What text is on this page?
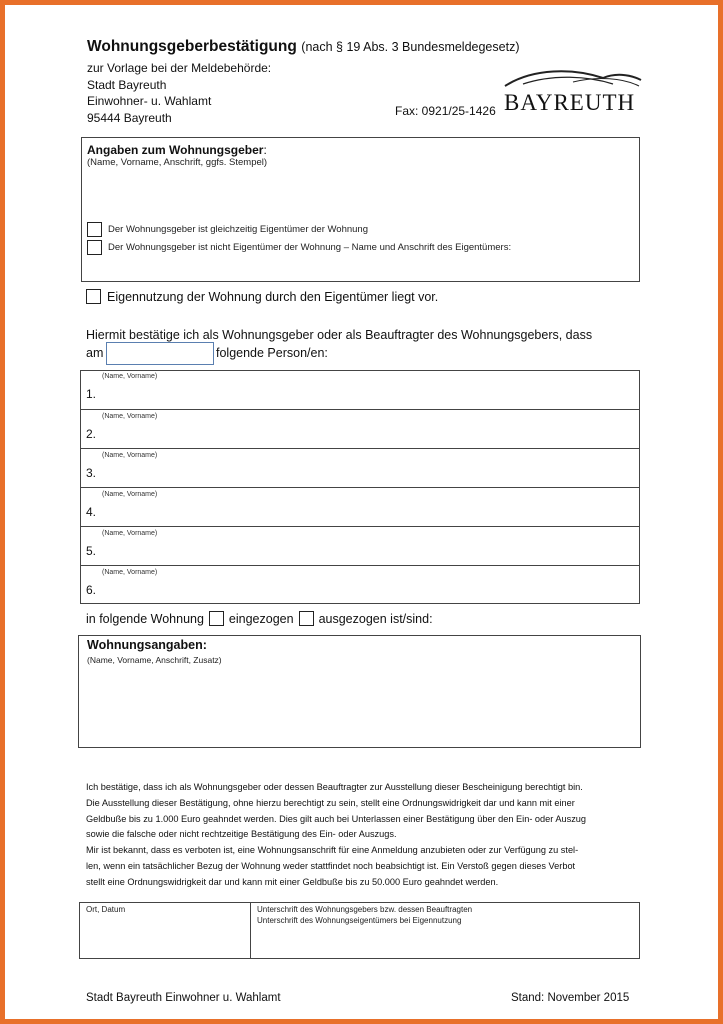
Wohnungsgeberbestätigung (nach § 19 Abs. 3 Bundesmeldegesetz)
zur Vorlage bei der Meldebehörde:
Stadt Bayreuth
Einwohner- u. Wahlamt
95444 Bayreuth	Fax: 0921/25-1426 BAYREUTH
Angaben zum Wohnungsgeber:
(Name, Vorname, Anschrift, ggfs. Stempel)
Der Wohnungsgeber ist gleichzeitig Eigentümer der Wohnung
Der Wohnungsgeber ist nicht Eigentümer der Wohnung – Name und Anschrift des Eigentümers:
Eigennutzung der Wohnung durch den Eigentümer liegt vor.
Hiermit bestätige ich als Wohnungsgeber oder als Beauftragter des Wohnungsgebers, dass
am	folgende Person/en:
(Name, Vorname)
1.
(Name, Vorname)
2.
(Name, Vorname)
3.
(Name, Vorname)
4.
(Name, Vorname)
5.
(Name, Vorname)
6.
in folgende Wohnung eingezogen ausgezogen ist/sind:
Wohnungsangaben:
(Name, Vorname, Anschrift, Zusatz)
Ich bestätige, dass ich als Wohnungsgeber oder dessen Beauftragter zur Ausstellung dieser Bescheinigung berechtigt bin.
Die Ausstellung dieser Bestätigung, ohne hierzu berechtigt zu sein, stellt eine Ordnungswidrigkeit dar und kann mit einer
Geldbuße bis zu 1.000 Euro geahndet werden. Dies gilt auch bei Unterlassen einer Bestätigung über den Ein- oder Auszug
sowie die falsche oder nicht rechtzeitige Bestätigung des Ein- oder Auszugs.
Mir ist bekannt, dass es verboten ist, eine Wohnungsanschrift für eine Anmeldung anzubieten oder zur Verfügung zu stel-
len, wenn ein tatsächlicher Bezug der Wohnung weder stattfindet noch beabsichtigt ist. Ein Verstoß gegen dieses Verbot
stellt eine Ordnungswidrigkeit dar und kann mit einer Geldbuße bis zu 50.000 Euro geahndet werden.
Ort, Datum	Unterschrift des Wohnungsgebers bzw. dessen Beauftragten
Unterschrift des Wohnungseigentümers bei Eigennutzung
Stadt Bayreuth Einwohner u. Wahlamt	Stand: November 2015
